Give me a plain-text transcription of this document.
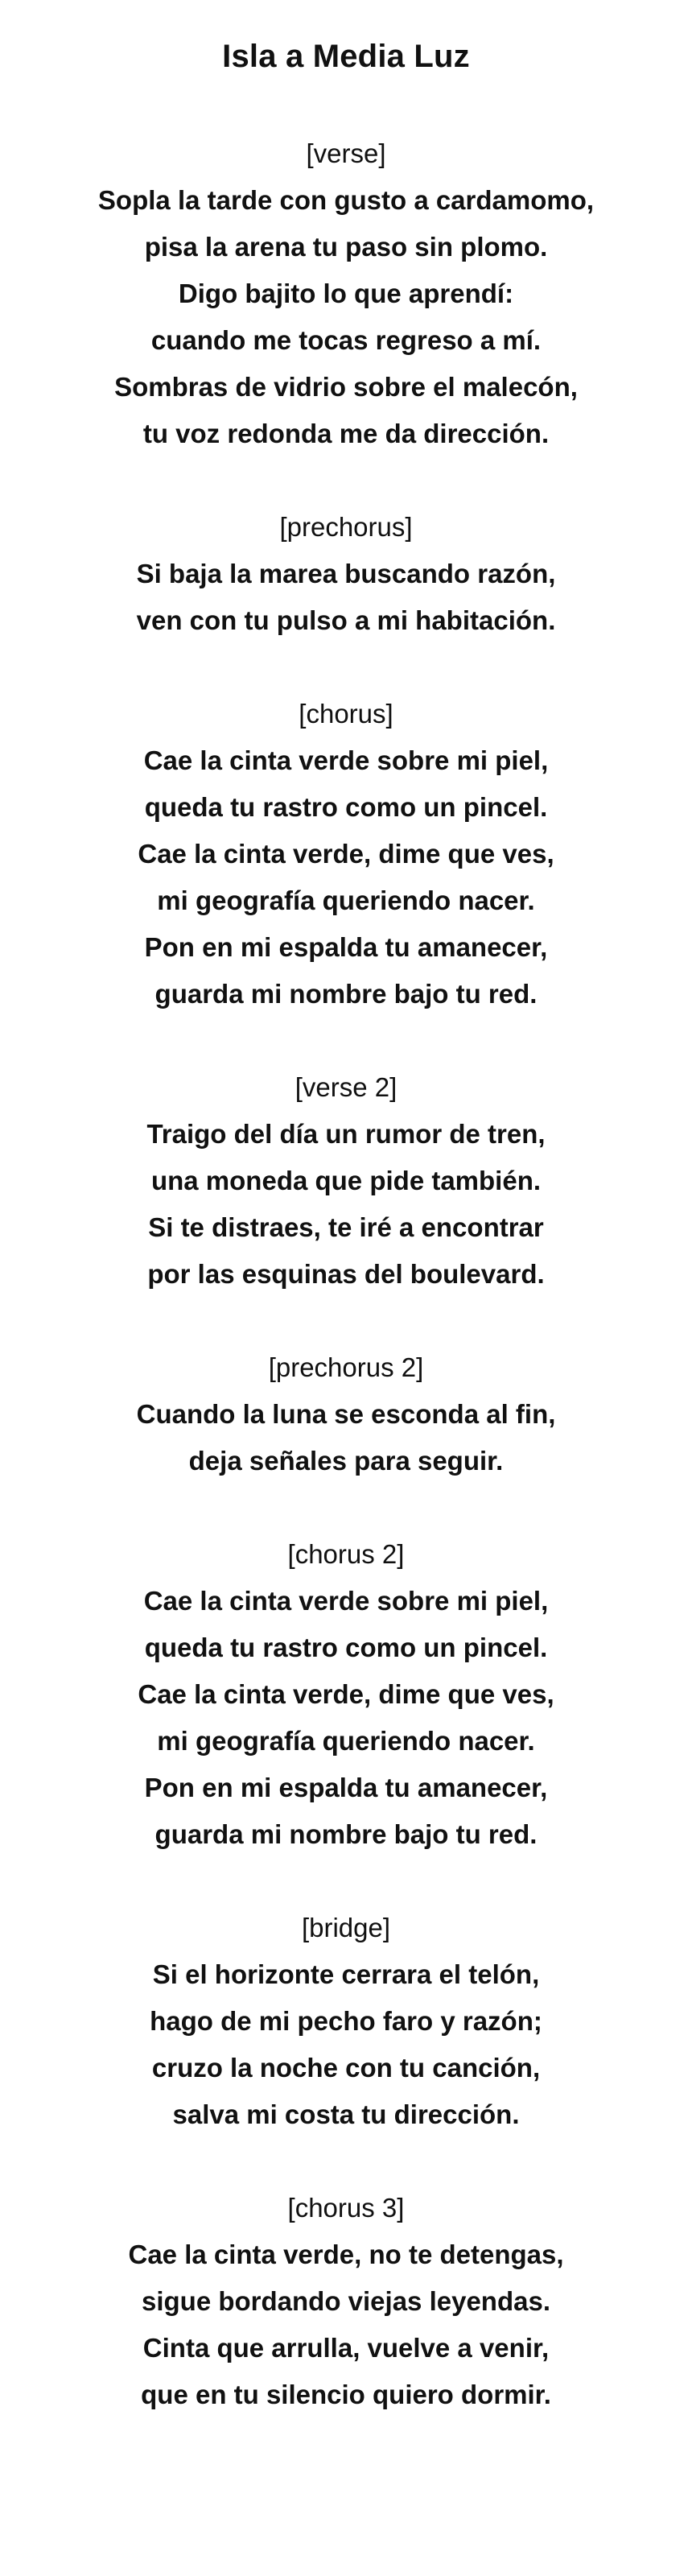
Isla a Media Luz
[verse]
Sopla la tarde con gusto a cardamomo,
pisa la arena tu paso sin plomo.
Digo bajito lo que aprendí:
cuando me tocas regreso a mí.
Sombras de vidrio sobre el malecón,
tu voz redonda me da dirección.
[prechorus]
Si baja la marea buscando razón,
ven con tu pulso a mi habitación.
[chorus]
Cae la cinta verde sobre mi piel,
queda tu rastro como un pincel.
Cae la cinta verde, dime que ves,
mi geografía queriendo nacer.
Pon en mi espalda tu amanecer,
guarda mi nombre bajo tu red.
[verse 2]
Traigo del día un rumor de tren,
una moneda que pide también.
Si te distraes, te iré a encontrar
por las esquinas del boulevard.
[prechorus 2]
Cuando la luna se esconda al fin,
deja señales para seguir.
[chorus 2]
Cae la cinta verde sobre mi piel,
queda tu rastro como un pincel.
Cae la cinta verde, dime que ves,
mi geografía queriendo nacer.
Pon en mi espalda tu amanecer,
guarda mi nombre bajo tu red.
[bridge]
Si el horizonte cerrara el telón,
hago de mi pecho faro y razón;
cruzo la noche con tu canción,
salva mi costa tu dirección.
[chorus 3]
Cae la cinta verde, no te detengas,
sigue bordando viejas leyendas.
Cinta que arrulla, vuelve a venir,
que en tu silencio quiero dormir.
